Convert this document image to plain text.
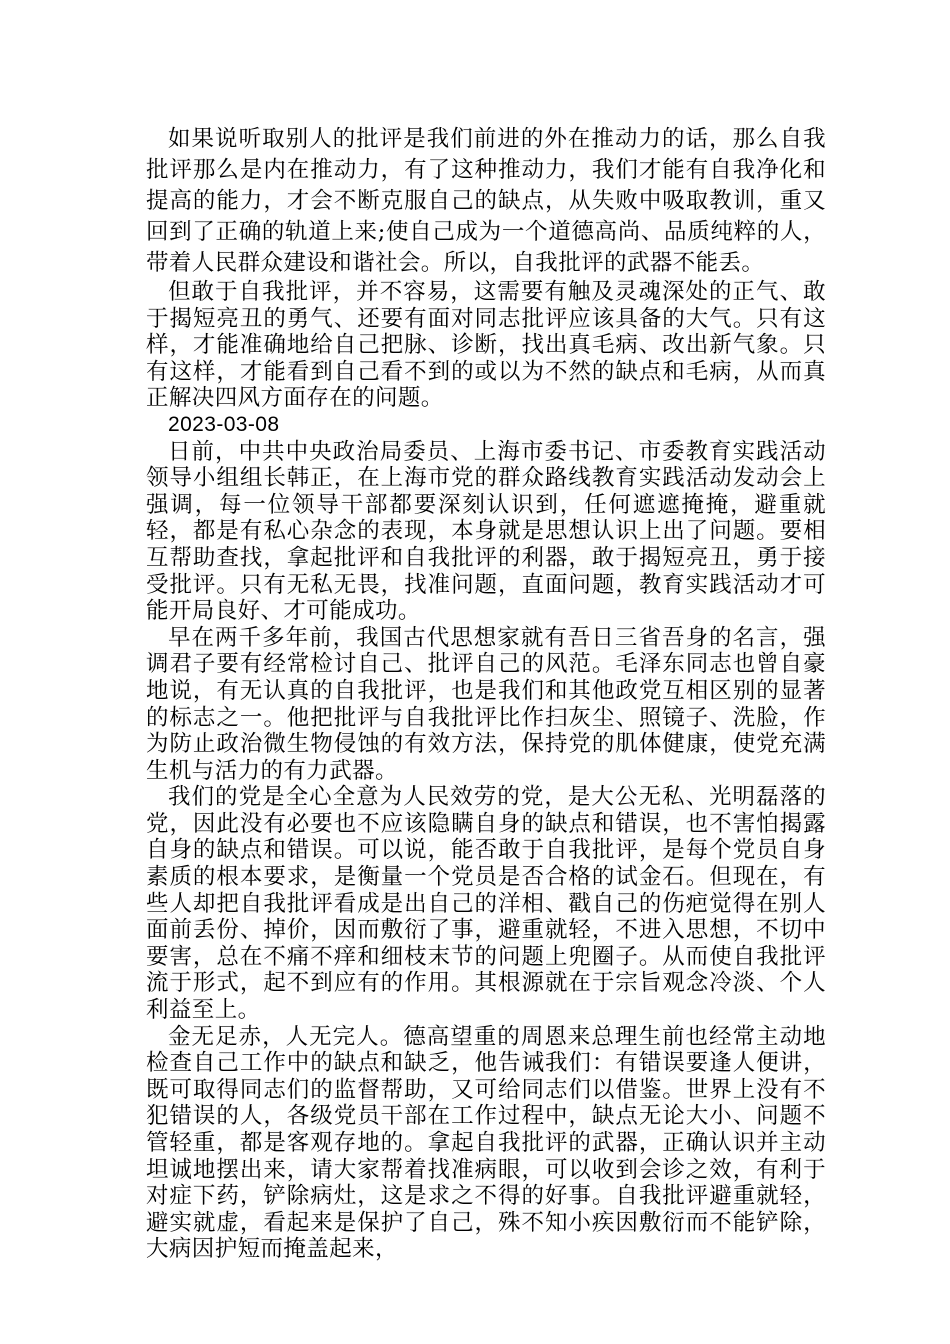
如果说听取别人的批评是我们前进的外在推动力的话，那么自我批评那么是内在推动力，有了这种推动力，我们才能有自我净化和提高的能力，才会不断克服自己的缺点，从失败中吸取教训，重又回到了正确的轨道上来;使自己成为一个道德高尚、品质纯粹的人，带着人民群众建设和谐社会。所以，自我批评的武器不能丢。

但敢于自我批评，并不容易，这需要有触及灵魂深处的正气、敢于揭短亮丑的勇气、还要有面对同志批评应该具备的大气。只有这样，才能准确地给自己把脉、诊断，找出真毛病、改出新气象。只有这样，才能看到自己看不到的或以为不然的缺点和毛病，从而真正解决四风方面存在的问题。

2023-03-08

日前，中共中央政治局委员、上海市委书记、市委教育实践活动领导小组组长韩正，在上海市党的群众路线教育实践活动发动会上强调，每一位领导干部都要深刻认识到，任何遮遮掩掩，避重就轻，都是有私心杂念的表现，本身就是思想认识上出了问题。要相互帮助查找，拿起批评和自我批评的利器，敢于揭短亮丑，勇于接受批评。只有无私无畏，找准问题，直面问题，教育实践活动才可能开局良好、才可能成功。

早在两千多年前，我国古代思想家就有吾日三省吾身的名言，强调君子要有经常检讨自己、批评自己的风范。毛泽东同志也曾自豪地说，有无认真的自我批评，也是我们和其他政党互相区别的显著的标志之一。他把批评与自我批评比作扫灰尘、照镜子、洗脸，作为防止政治微生物侵蚀的有效方法，保持党的肌体健康，使党充满生机与活力的有力武器。

我们的党是全心全意为人民效劳的党，是大公无私、光明磊落的党，因此没有必要也不应该隐瞒自身的缺点和错误，也不害怕揭露自身的缺点和错误。可以说，能否敢于自我批评，是每个党员自身素质的根本要求，是衡量一个党员是否合格的试金石。但现在，有些人却把自我批评看成是出自己的洋相、戳自己的伤疤觉得在别人面前丢份、掉价，因而敷衍了事，避重就轻，不进入思想，不切中要害，总在不痛不痒和细枝末节的问题上兜圈子。从而使自我批评流于形式，起不到应有的作用。其根源就在于宗旨观念冷淡、个人利益至上。

金无足赤，人无完人。德高望重的周恩来总理生前也经常主动地检查自己工作中的缺点和缺乏，他告诫我们：有错误要逢人便讲，既可取得同志们的监督帮助，又可给同志们以借鉴。世界上没有不犯错误的人，各级党员干部在工作过程中，缺点无论大小、问题不管轻重，都是客观存地的。拿起自我批评的武器，正确认识并主动坦诚地摆出来，请大家帮着找准病眼，可以收到会诊之效，有利于对症下药，铲除病灶，这是求之不得的好事。自我批评避重就轻，避实就虚，看起来是保护了自己，殊不知小疾因敷衍而不能铲除，大病因护短而掩盖起来，
